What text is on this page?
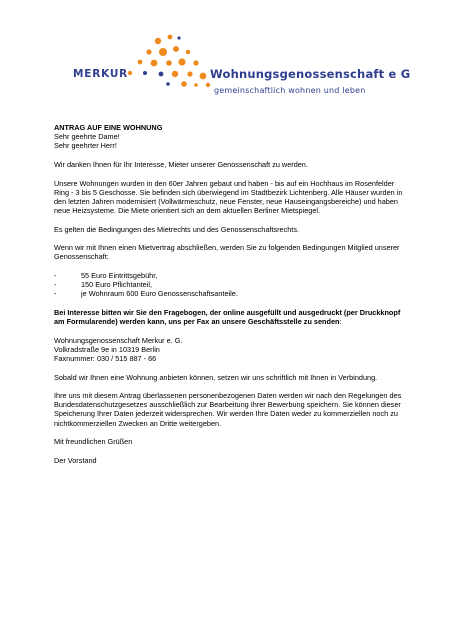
MERKUR	Wohnungsgenossenschaft e G
gemeinschaftlich wohnen und leben

ANTRAG AUF EINE WOHNUNG
Sehr geehrte Dame!
Sehr geehrter Herr!

Wir danken Ihnen für Ihr Interesse, Mieter unserer Genossenschaft zu werden.

Unsere Wohnungen wurden in den 60er Jahren gebaut und haben - bis auf ein Hochhaus im Rosenfelder Ring - 3 bis 5 Geschosse. Sie befinden sich überwiegend im Stadtbezirk Lichtenberg. Alle Häuser wurden in den letzten Jahren modernisiert (Vollwärmeschutz, neue Fenster, neue Hauseingangsbereiche) und haben neue Heizsysteme. Die Miete orientiert sich an dem aktuellen Berliner Mietspiegel.

Es gelten die Bedingungen des Mietrechts und des Genossenschaftsrechts.

Wenn wir mit Ihnen einen Mietvertrag abschließen, werden Sie zu folgenden Bedingungen Mitglied unserer Genossenschaft:

-	55 Euro Eintrittsgebühr,
-	150 Euro Pflichtanteil,
-	je Wohnraum 600 Euro Genossenschaftsanteile.

Bei Interesse bitten wir Sie den Fragebogen, der online ausgefüllt und ausgedruckt (per Druckknopf am Formularende) werden kann, uns per Fax an unsere Geschäftsstelle zu senden:

Wohnungsgenossenschaft Merkur e. G.
Volkradstraße 9e in 10319 Berlin
Faxnummer: 030 / 515 887 - 66

Sobald wir Ihnen eine Wohnung anbieten können, setzen wir uns schriftlich mit Ihnen in Verbindung.

Ihre uns mit diesem Antrag überlassenen personenbezogenen Daten werden wir nach den Regelungen des Bundesdatenschutzgesetzes ausschließlich zur Bearbeitung Ihrer Bewerbung speichern. Sie können dieser Speicherung Ihrer Daten jederzeit widersprechen. Wir werden Ihre Daten weder zu kommerziellen noch zu nichtkommerziellen Zwecken an Dritte weitergeben.

Mit freundlichen Grüßen

Der Vorstand
